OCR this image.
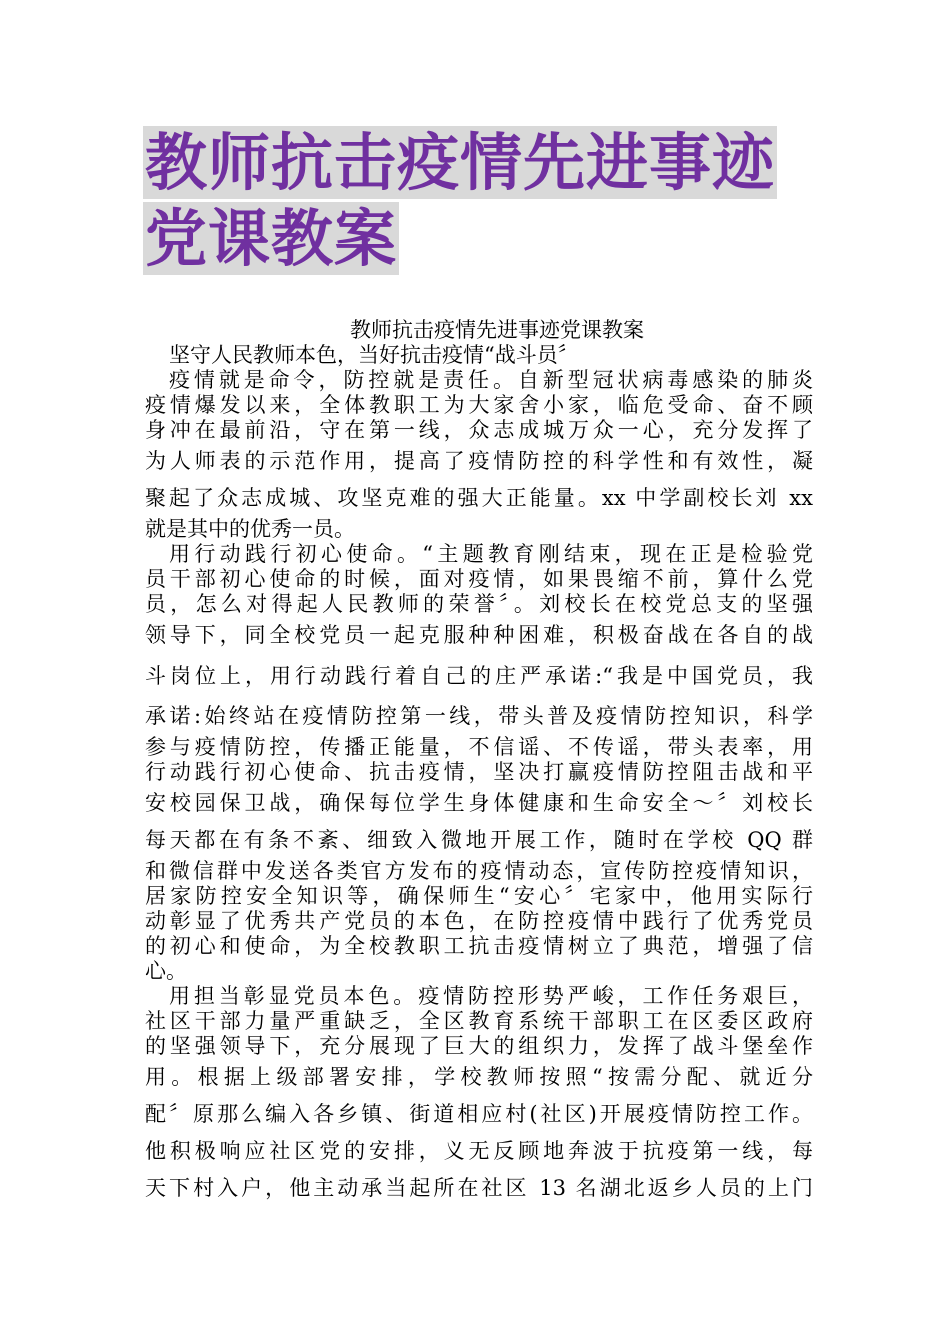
教师抗击疫情先进事迹党课教案
教师抗击疫情先进事迹党课教案
坚守人民教师本色，当好抗击疫情“战斗员〞
疫情就是命令，防控就是责任。自新型冠状病毒感染的肺炎
疫情爆发以来，全体教职工为大家舍小家，临危受命、奋不顾
身冲在最前沿，守在第一线，众志成城万众一心，充分发挥了
为人师表的示范作用，提高了疫情防控的科学性和有效性，凝
聚起了众志成城、攻坚克难的强大正能量。xx 中学副校长刘 xx
就是其中的优秀一员。
用行动践行初心使命。“主题教育刚结束，现在正是检验党
员干部初心使命的时候，面对疫情，如果畏缩不前，算什么党
员，怎么对得起人民教师的荣誉〞。刘校长在校党总支的坚强
领导下，同全校党员一起克服种种困难，积极奋战在各自的战
斗岗位上，用行动践行着自己的庄严承诺:“我是中国党员，我
承诺:始终站在疫情防控第一线，带头普及疫情防控知识，科学
参与疫情防控，传播正能量，不信谣、不传谣，带头表率，用
行动践行初心使命、抗击疫情，坚决打赢疫情防控阻击战和平
安校园保卫战，确保每位学生身体健康和生命安全～〞刘校长
每天都在有条不紊、细致入微地开展工作，随时在学校 QQ 群
和微信群中发送各类官方发布的疫情动态，宣传防控疫情知识，
居家防控安全知识等，确保师生“安心〞宅家中，他用实际行
动彰显了优秀共产党员的本色，在防控疫情中践行了优秀党员
的初心和使命，为全校教职工抗击疫情树立了典范，增强了信
心。
用担当彰显党员本色。疫情防控形势严峻，工作任务艰巨，
社区干部力量严重缺乏，全区教育系统干部职工在区委区政府
的坚强领导下，充分展现了巨大的组织力，发挥了战斗堡垒作
用。根据上级部署安排，学校教师按照“按需分配、就近分
配〞原那么编入各乡镇、街道相应村(社区)开展疫情防控工作。
他积极响应社区党的安排，义无反顾地奔波于抗疫第一线，每
天下村入户，他主动承当起所在社区 13 名湖北返乡人员的上门
